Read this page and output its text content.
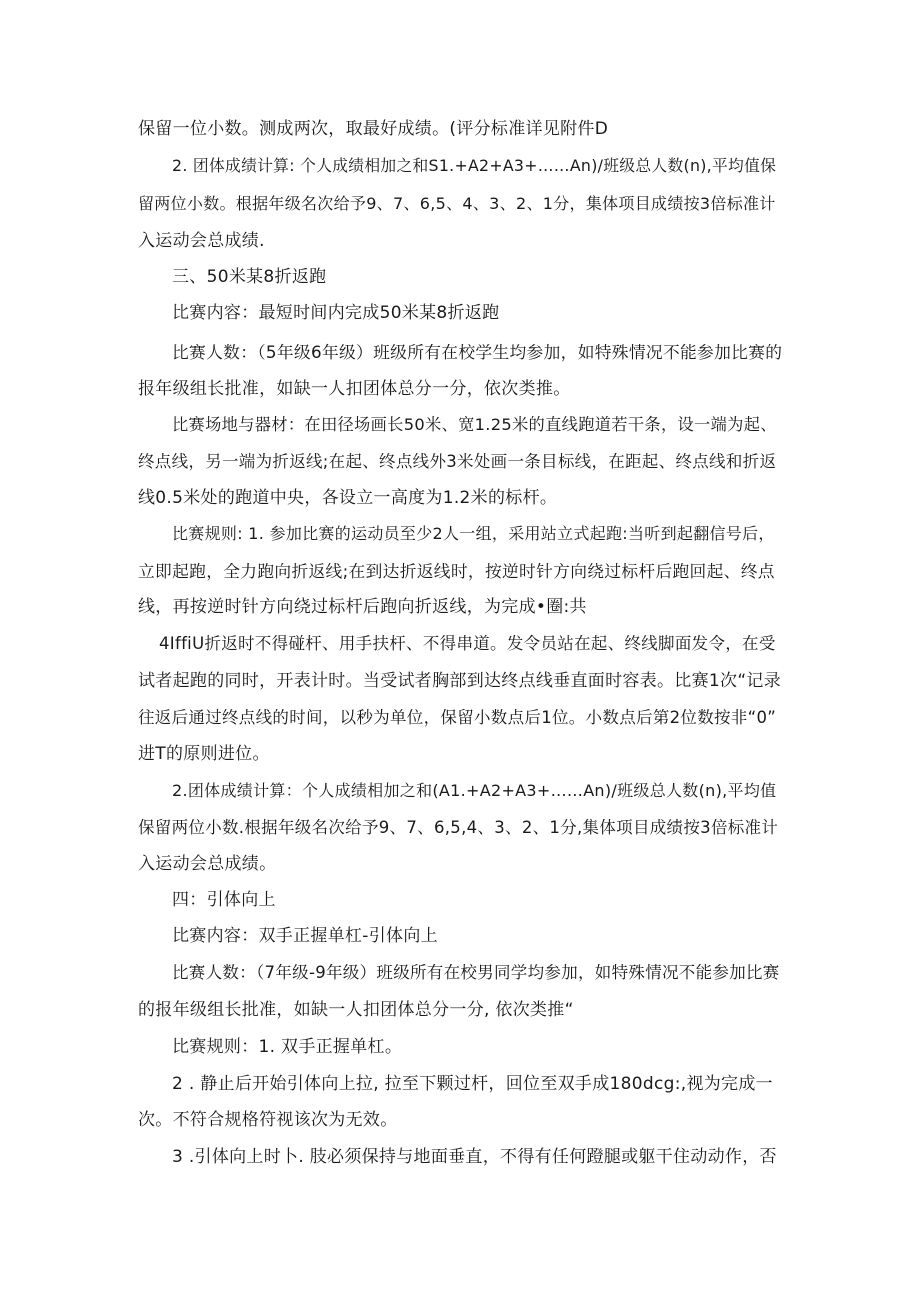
保留一位小数。测成两次，取最好成绩。(评分标准详见附件D
2. 团体成绩计算: 个人成绩相加之和S1.+A2+A3+……An)/班级总人数(n),平均值保
留两位小数。根据年级名次给予9、7、6,5、4、3、2、1分，集体项目成绩按3倍标准计
入运动会总成绩.
三、50米某8折返跑
比赛内容：最短时间内完成50米某8折返跑
比赛人数：（5年级6年级）班级所有在校学生均参加，如特殊情况不能参加比赛的
报年级组长批准，如缺一人扣团体总分一分，依次类推。
比赛场地与器材：在田径场画长50米、宽1.25米的直线跑道若干条，设一端为起、
终点线，另一端为折返线;在起、终点线外3米处画一条目标线，在距起、终点线和折返
线0.5米处的跑道中央，各设立一高度为1.2米的标杆。
比赛规则: 1. 参加比赛的运动员至少2人一组，采用站立式起跑:当听到起翻信号后，
立即起跑，全力跑向折返线;在到达折返线时，按逆时针方向绕过标杆后跑回起、终点
线，再按逆时针方向绕过标杆后跑向折返线，为完成•圈:共
4IffiU折返时不得碰杆、用手扶杆、不得串道。发令员站在起、终线脚面发令，在受
试者起跑的同时，开表计时。当受试者胸部到达终点线垂直面时容表。比赛1次“记录
往返后通过终点线的时间，以秒为单位，保留小数点后1位。小数点后第2位数按非“0”
进T的原则进位。
2.团体成绩计算：个人成绩相加之和(A1.+A2+A3+……An)/班级总人数(n),平均值
保留两位小数.根据年级名次给予9、7、6,5,4、3、2、1分,集体项目成绩按3倍标准计
入运动会总成绩。
四：引体向上
比赛内容：双手正握单杠-引体向上
比赛人数：（7年级-9年级）班级所有在校男同学均参加，如特殊情况不能参加比赛
的报年级组长批准，如缺一人扣团体总分一分, 依次类推“
比赛规则：1. 双手正握单杠。
2 . 静止后开始引体向上拉, 拉至下颗过杆，回位至双手成180dcg:,视为完成一
次。不符合规格符视该次为无效。
3 .引体向上时卜. 肢必须保持与地面垂直，不得有任何蹬腿或躯干住动动作，否
